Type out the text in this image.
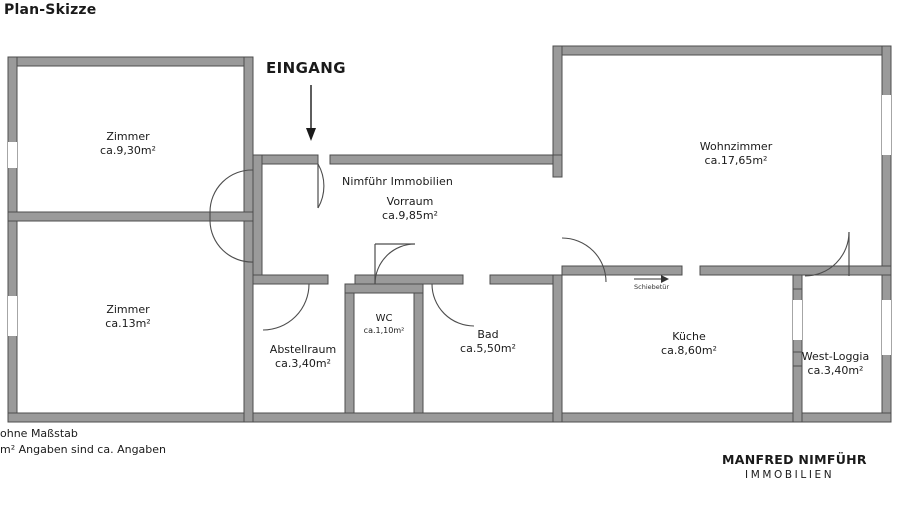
Plan-Skizze
EINGANG
Nimführ Immobilien
Schiebetür
Zimmer
ca.9,30m²
Zimmer
ca.13m²
Vorraum
ca.9,85m²
Abstellraum
ca.3,40m²
WC
ca.1,10m²	Bad
ca.5,50m²
Küche
ca.8,60m²
Wohnzimmer
ca.17,65m²
West-Loggia
ca.3,40m²
ohne Maßstab
m² Angaben sind ca. Angaben
MANFRED NIMFÜHR
IMMOBILIEN
